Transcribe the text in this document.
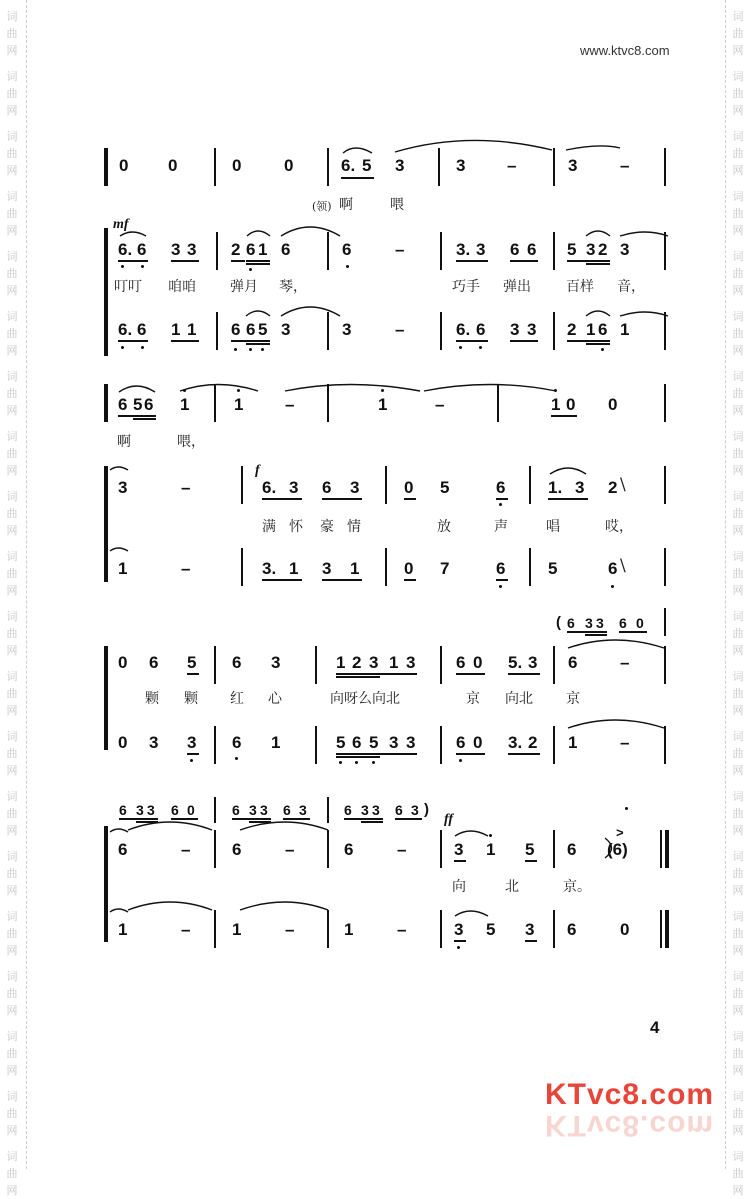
词
曲
网
词
曲
网
词
曲
网
词
曲
网
词
曲
网
词
曲
网
词
曲
网
词
曲
网
词
曲
网
词
曲
网
词
曲
网
词
曲
网
词
曲
网
词
曲
网
词
曲
网
词
曲
网
词
曲
网
词
曲
网
词
曲
网
词
曲
网
词
曲
网
词
曲
网
词
曲
网
词
曲
网
词
曲
网
词
曲
网
词
曲
网
词
曲
网
词
曲
网
词
曲
网
词
曲
网
词
曲
网
词
曲
网
词
曲
网
词
曲
网
词
曲
网
词
曲
网
词
曲
网
词
曲
网
词
曲
网
www.ktvc8.com
0 0	0	0	6. 5 3	3 –	3	–
(领) 啊	喂
mf
6. 6 3 3 2 6 1 6	6	–	3. 3 6 6 5 3 2 3
叮叮 咱咱 弹月 琴，	巧手 弹出	百样 音，
6. 6 1 1 6 6 5 3	3	–	6. 6 3 3 2 1 6 1
6 5 6 1	1 –	1	–	1 0 0
啊	喂，
3	–
f
6. 3 6 3	0 5	6	1. 3 2 \
满 怀 豪 情	放	声	唱	哎，
1	–	3. 1 3 1	0 7	6	5	6 \
( 6 3 3 6 0
0 6 5 6 3	1 2 3 1 3 6 0 5. 3 6	–
颗 颗 红 心	向呀么向北	京 向北 京
0 3 3 6 1	5 6 5 3 3 6 0 3. 2 1	–
6 3 3 6 0	6 3 3 6 3	6 3 3 6 3 )
ff
6	– 6	–	6	–	3 1 5 6 (6)
>
向	北	京。
1	– 1	–	1	–	3 5 3 6	0
4
KTvc8.com
KTvc8.com
